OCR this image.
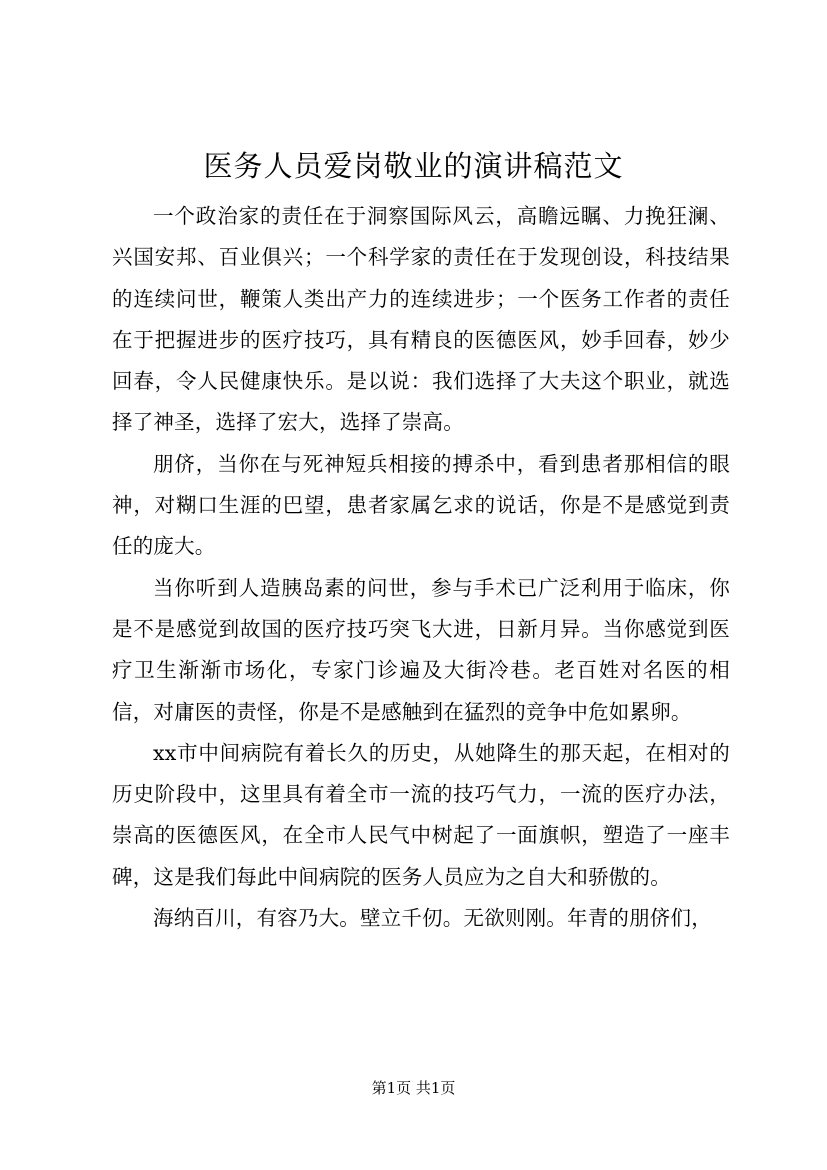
医务人员爱岗敬业的演讲稿范文

一个政治家的责任在于洞察国际风云，高瞻远瞩、力挽狂澜、兴国安邦、百业俱兴；一个科学家的责任在于发现创设，科技结果的连续问世，鞭策人类出产力的连续进步；一个医务工作者的责任在于把握进步的医疗技巧，具有精良的医德医风，妙手回春，妙少回春，令人民健康快乐。是以说：我们选择了大夫这个职业，就选择了神圣，选择了宏大，选择了崇高。

朋侪，当你在与死神短兵相接的搏杀中，看到患者那相信的眼神，对糊口生涯的巴望，患者家属乞求的说话，你是不是感觉到责任的庞大。

当你听到人造胰岛素的问世，参与手术已广泛利用于临床，你是不是感觉到故国的医疗技巧突飞大进，日新月异。当你感觉到医疗卫生渐渐市场化，专家门诊遍及大街冷巷。老百姓对名医的相信，对庸医的责怪，你是不是感触到在猛烈的竞争中危如累卵。

xx市中间病院有着长久的历史，从她降生的那天起，在相对的历史阶段中，这里具有着全市一流的技巧气力，一流的医疗办法，崇高的医德医风，在全市人民气中树起了一面旗帜，塑造了一座丰碑，这是我们每此中间病院的医务人员应为之自大和骄傲的。

海纳百川，有容乃大。壁立千仞。无欲则刚。年青的朋侪们，

第1页 共1页
